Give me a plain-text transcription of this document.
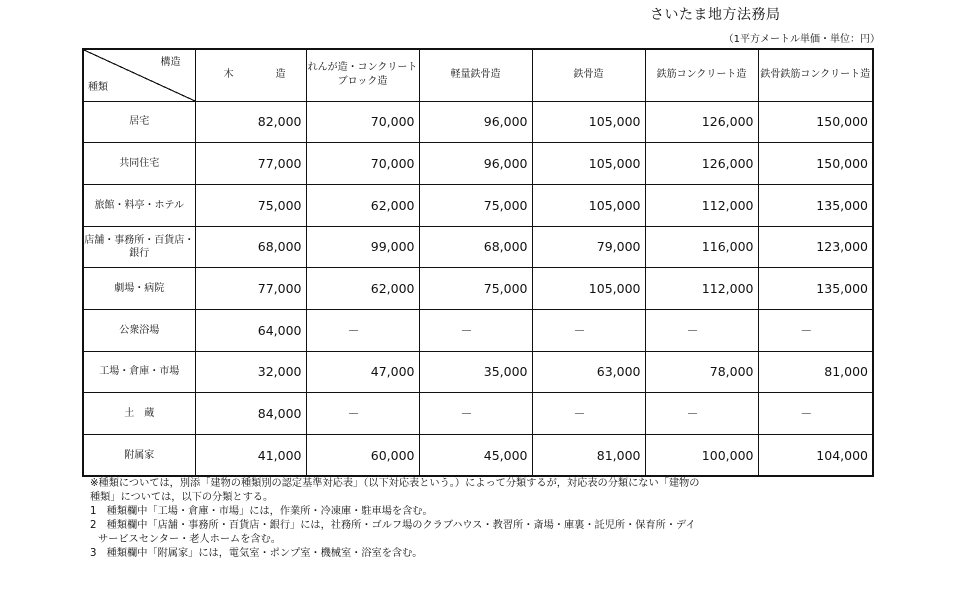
さいたま地方法務局
（1平方メートル単価・単位：円）
構造
種類	木 造	れんが造・コンクリートブロック造	軽量鉄骨造	鉄骨造	鉄筋コンクリート造	鉄骨鉄筋コンクリート造
居宅	82,000	70,000	96,000	105,000	126,000	150,000
共同住宅	77,000	70,000	96,000	105,000	126,000	150,000
旅館・料亭・ホテル	75,000	62,000	75,000	105,000	112,000	135,000
店舗・事務所・百貨店・銀行	68,000	99,000	68,000	79,000	116,000	123,000
劇場・病院	77,000	62,000	75,000	105,000	112,000	135,000
公衆浴場	64,000	－	－	－	－	－
工場・倉庫・市場	32,000	47,000	35,000	63,000	78,000	81,000
土　蔵	84,000	－	－	－	－	－
附属家	41,000	60,000	45,000	81,000	100,000	104,000

※種類については，別添「建物の種類別の認定基準対応表」（以下対応表という。）によって分類するが，対応表の分類にない「建物の

種類」については，以下の分類とする。

1　種類欄中「工場・倉庫・市場」には，作業所・冷凍庫・駐車場を含む。

2　種類欄中「店舗・事務所・百貨店・銀行」には，社務所・ゴルフ場のクラブハウス・教習所・斎場・庫裏・託児所・保育所・デイ

サービスセンター・老人ホームを含む。

3　種類欄中「附属家」には，電気室・ポンプ室・機械室・浴室を含む。
